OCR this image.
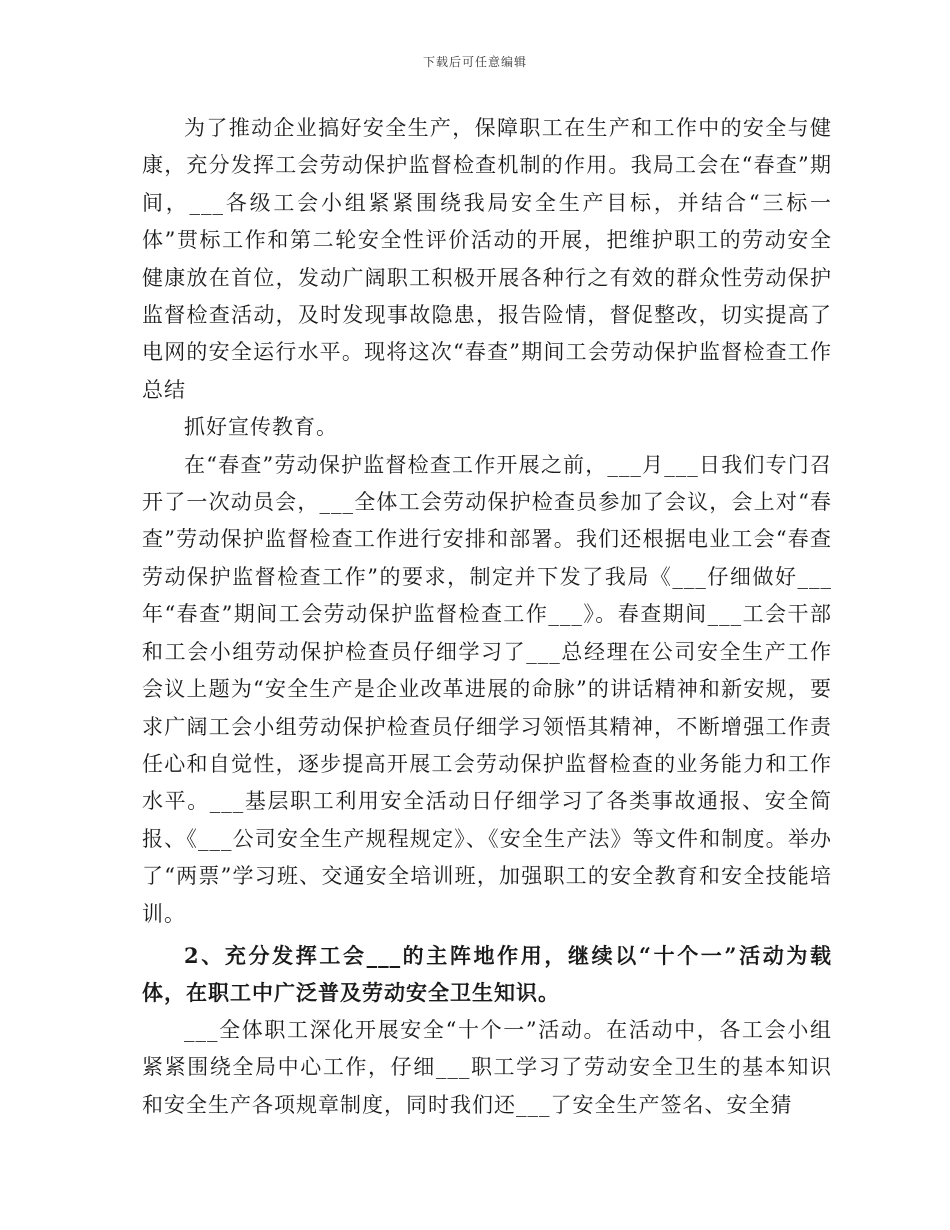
下载后可任意编辑

为了推动企业搞好安全生产，保障职工在生产和工作中的安全与健康，充分发挥工会劳动保护监督检查机制的作用。我局工会在“春查”期间，___各级工会小组紧紧围绕我局安全生产目标，并结合“三标一体”贯标工作和第二轮安全性评价活动的开展，把维护职工的劳动安全健康放在首位，发动广阔职工积极开展各种行之有效的群众性劳动保护监督检查活动，及时发现事故隐患，报告险情，督促整改，切实提高了电网的安全运行水平。现将这次“春查”期间工会劳动保护监督检查工作总结

抓好宣传教育。

在“春查”劳动保护监督检查工作开展之前，___月___日我们专门召开了一次动员会，___全体工会劳动保护检查员参加了会议，会上对“春查”劳动保护监督检查工作进行安排和部署。我们还根据电业工会“春查劳动保护监督检查工作”的要求，制定并下发了我局《___仔细做好___年“春查”期间工会劳动保护监督检查工作___》。春查期间___工会干部和工会小组劳动保护检查员仔细学习了___总经理在公司安全生产工作会议上题为“安全生产是企业改革进展的命脉”的讲话精神和新安规，要求广阔工会小组劳动保护检查员仔细学习领悟其精神，不断增强工作责任心和自觉性，逐步提高开展工会劳动保护监督检查的业务能力和工作水平。___基层职工利用安全活动日仔细学习了各类事故通报、安全简报、《___公司安全生产规程规定》、《安全生产法》等文件和制度。举办了“两票”学习班、交通安全培训班，加强职工的安全教育和安全技能培训。

2、充分发挥工会___的主阵地作用，继续以“十个一”活动为载体，在职工中广泛普及劳动安全卫生知识。

___全体职工深化开展安全“十个一”活动。在活动中，各工会小组紧紧围绕全局中心工作，仔细___职工学习了劳动安全卫生的基本知识和安全生产各项规章制度，同时我们还___了安全生产签名、安全猜
